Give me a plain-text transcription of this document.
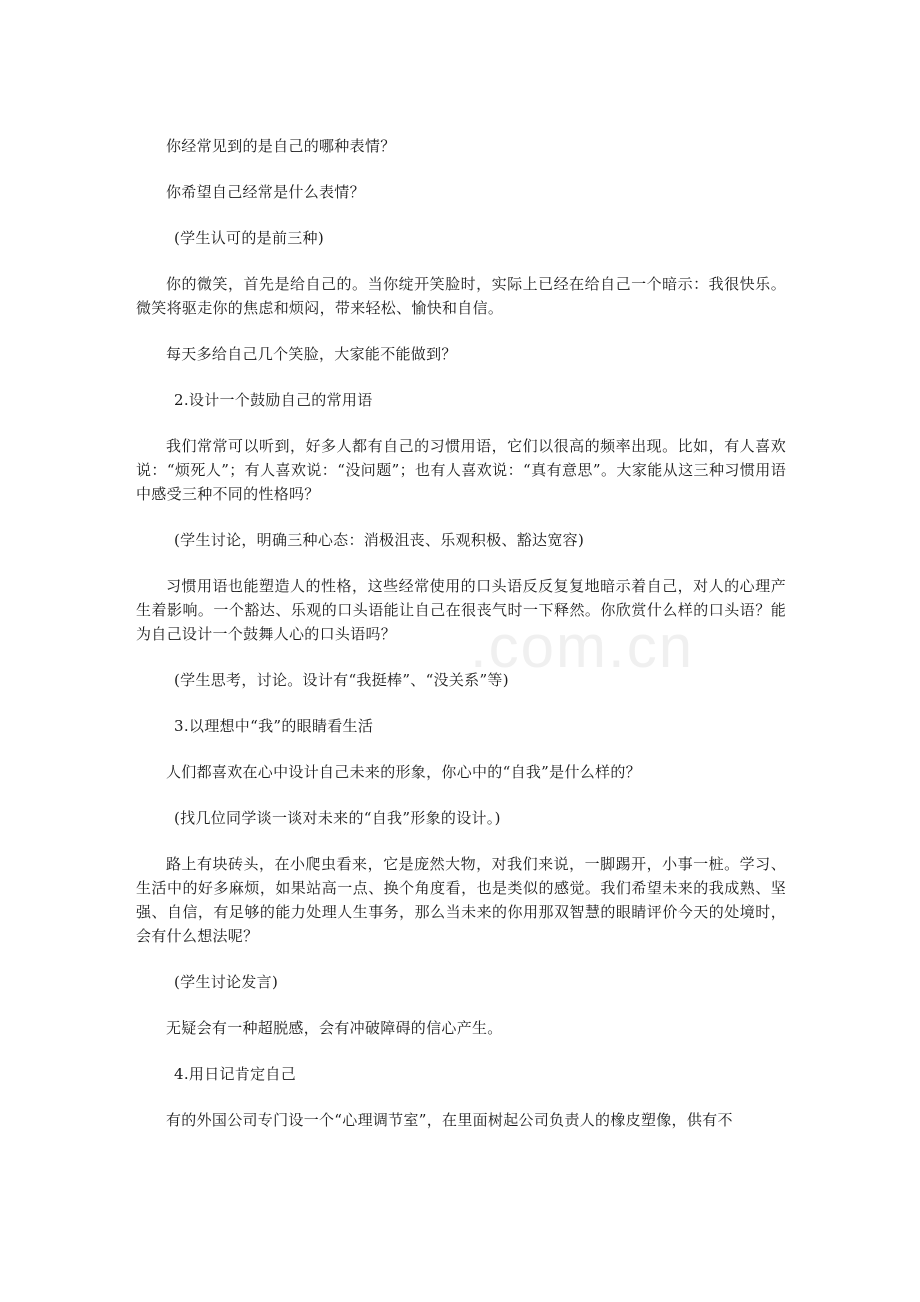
你经常见到的是自己的哪种表情？

你希望自己经常是什么表情？

(学生认可的是前三种)

你的微笑，首先是给自己的。当你绽开笑脸时，实际上已经在给自己一个暗示：我很快乐。微笑将驱走你的焦虑和烦闷，带来轻松、愉快和自信。

每天多给自己几个笑脸，大家能不能做到？

2.设计一个鼓励自己的常用语

我们常常可以听到，好多人都有自己的习惯用语，它们以很高的频率出现。比如，有人喜欢说：“烦死人”；有人喜欢说：“没问题”；也有人喜欢说：“真有意思”。大家能从这三种习惯用语中感受三种不同的性格吗？

(学生讨论，明确三种心态：消极沮丧、乐观积极、豁达宽容)

习惯用语也能塑造人的性格，这些经常使用的口头语反反复复地暗示着自己，对人的心理产生着影响。一个豁达、乐观的口头语能让自己在很丧气时一下释然。你欣赏什么样的口头语？能为自己设计一个鼓舞人心的口头语吗？

(学生思考，讨论。设计有“我挺棒”、“没关系”等)

3.以理想中“我”的眼睛看生活

人们都喜欢在心中设计自己未来的形象，你心中的“自我”是什么样的？

(找几位同学谈一谈对未来的“自我”形象的设计。)

路上有块砖头，在小爬虫看来，它是庞然大物，对我们来说，一脚踢开，小事一桩。学习、生活中的好多麻烦，如果站高一点、换个角度看，也是类似的感觉。我们希望未来的我成熟、坚强、自信，有足够的能力处理人生事务，那么当未来的你用那双智慧的眼睛评价今天的处境时，会有什么想法呢？

(学生讨论发言)

无疑会有一种超脱感，会有冲破障碍的信心产生。

4.用日记肯定自己

有的外国公司专门设一个“心理调节室”，在里面树起公司负责人的橡皮塑像，供有不

.com.cn
